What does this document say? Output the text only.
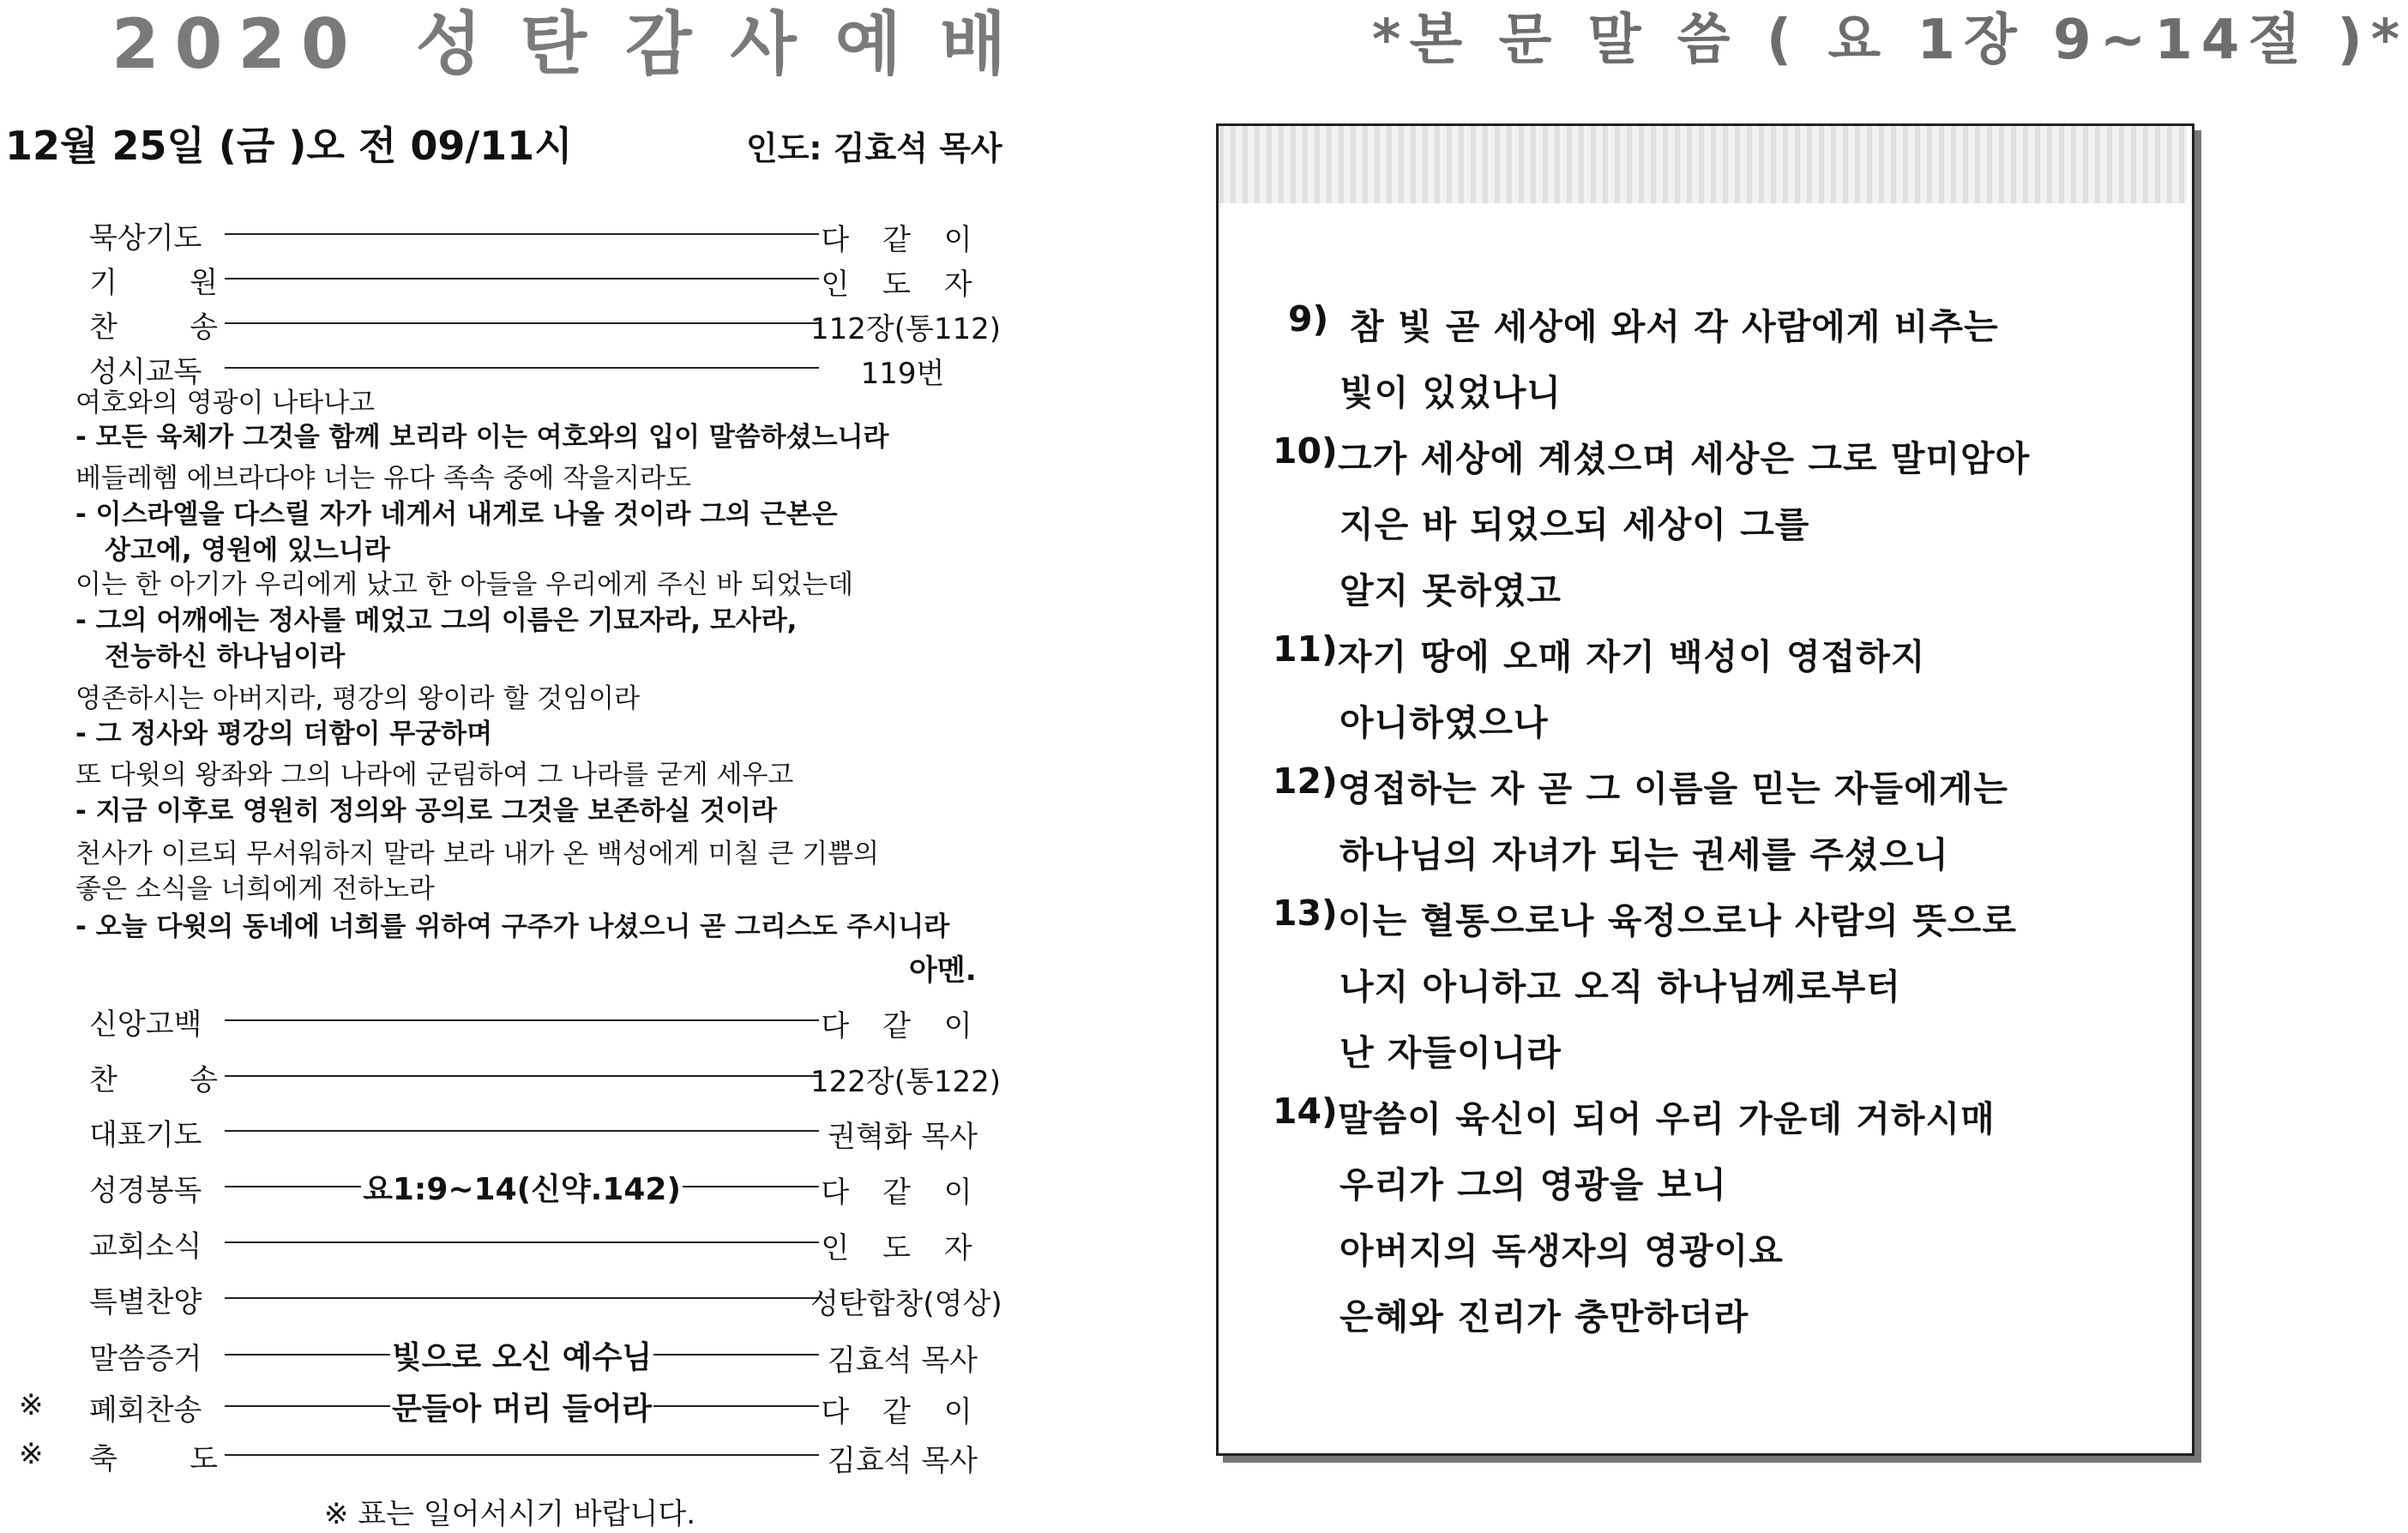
2020 성탄감사예배	*본 문 말 씀 ( 요 1장 9~14절 )*
12월 25일 (금 )오 전 09/11시	인도: 김효석 목사
묵상기도	다 같 이
기 원	인 도 자
찬 송	112장(통112)
성시교독	119번
신앙고백	다 같 이
찬 송	122장(통122)
대표기도	권혁화 목사
성경봉독	요1:9~14(신약.142)	다 같 이
교회소식	인 도 자
특별찬양	성탄합창(영상)
말씀증거	빛으로 오신 예수님	김효석 목사
※ 폐회찬송	문들아 머리 들어라	다 같 이
※ 축 도	김효석 목사
여호와의 영광이 나타나고
- 모든 육체가 그것을 함께 보리라 이는 여호와의 입이 말씀하셨느니라
베들레헴 에브라다야 너는 유다 족속 중에 작을지라도
- 이스라엘을 다스릴 자가 네게서 내게로 나올 것이라 그의 근본은
상고에, 영원에 있느니라
이는 한 아기가 우리에게 났고 한 아들을 우리에게 주신 바 되었는데
- 그의 어깨에는 정사를 메었고 그의 이름은 기묘자라, 모사라,
전능하신 하나님이라
영존하시는 아버지라, 평강의 왕이라 할 것임이라
- 그 정사와 평강의 더함이 무궁하며
또 다윗의 왕좌와 그의 나라에 군림하여 그 나라를 굳게 세우고
- 지금 이후로 영원히 정의와 공의로 그것을 보존하실 것이라
천사가 이르되 무서워하지 말라 보라 내가 온 백성에게 미칠 큰 기쁨의
좋은 소식을 너희에게 전하노라
- 오늘 다윗의 동네에 너희를 위하여 구주가 나셨으니 곧 그리스도 주시니라
아멘.
※ 표는 일어서시기 바랍니다.
9) 참 빛 곧 세상에 와서 각 사람에게 비추는
빛이 있었나니
10) 그가 세상에 계셨으며 세상은 그로 말미암아
지은 바 되었으되 세상이 그를
알지 못하였고
11) 자기 땅에 오매 자기 백성이 영접하지
아니하였으나
12) 영접하는 자 곧 그 이름을 믿는 자들에게는
하나님의 자녀가 되는 권세를 주셨으니
13) 이는 혈통으로나 육정으로나 사람의 뜻으로
나지 아니하고 오직 하나님께로부터
난 자들이니라
14) 말씀이 육신이 되어 우리 가운데 거하시매
우리가 그의 영광을 보니
아버지의 독생자의 영광이요
은혜와 진리가 충만하더라
